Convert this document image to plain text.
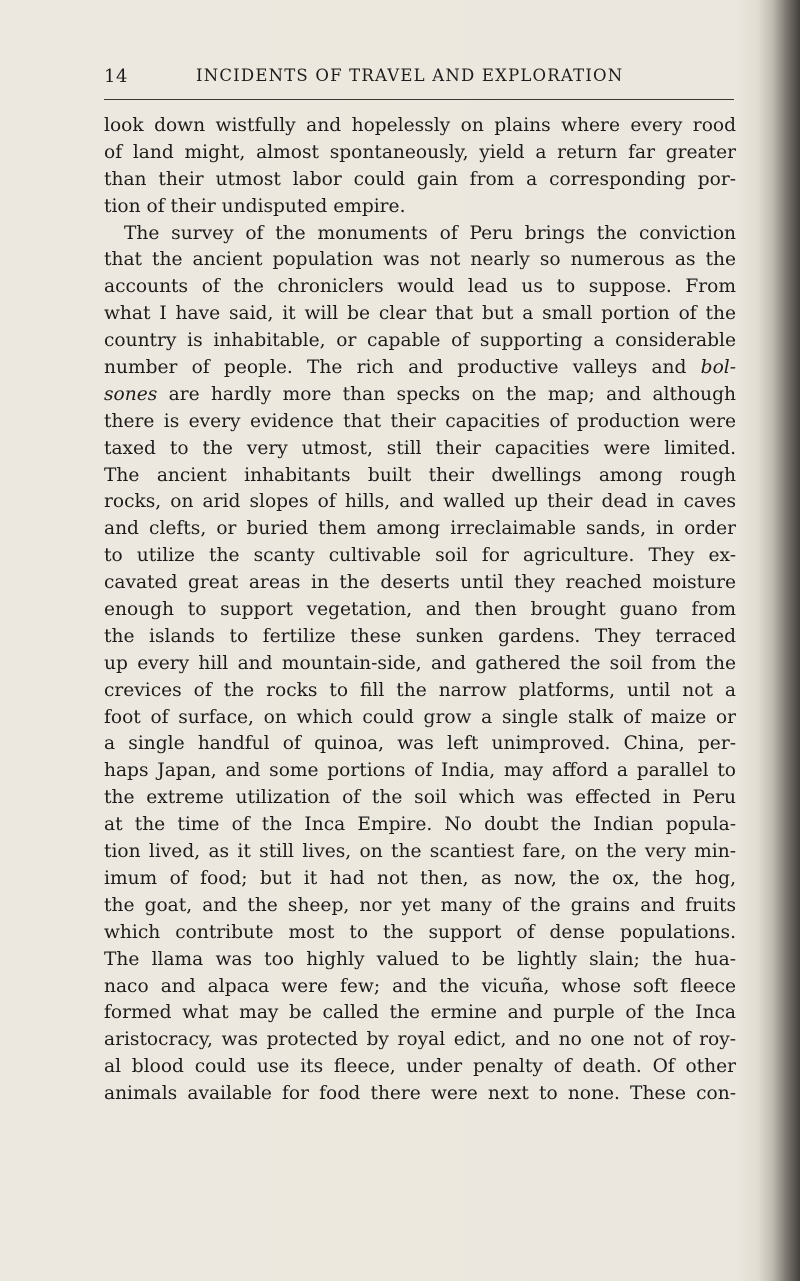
14	INCIDENTS OF TRAVEL AND EXPLORATION
look down wistfully and hopelessly on plains where every rood
of land might, almost spontaneously, yield a return far greater
than their utmost labor could gain from a corresponding por-
tion of their undisputed empire.
The survey of the monuments of Peru brings the conviction
that the ancient population was not nearly so numerous as the
accounts of the chroniclers would lead us to suppose. From
what I have said, it will be clear that but a small portion of the
country is inhabitable, or capable of supporting a considerable
number of people. The rich and productive valleys and bol-
sones are hardly more than specks on the map; and although
there is every evidence that their capacities of production were
taxed to the very utmost, still their capacities were limited.
The ancient inhabitants built their dwellings among rough
rocks, on arid slopes of hills, and walled up their dead in caves
and clefts, or buried them among irreclaimable sands, in order
to utilize the scanty cultivable soil for agriculture. They ex-
cavated great areas in the deserts until they reached moisture
enough to support vegetation, and then brought guano from
the islands to fertilize these sunken gardens. They terraced
up every hill and mountain-side, and gathered the soil from the
crevices of the rocks to fill the narrow platforms, until not a
foot of surface, on which could grow a single stalk of maize or
a single handful of quinoa, was left unimproved. China, per-
haps Japan, and some portions of India, may afford a parallel to
the extreme utilization of the soil which was effected in Peru
at the time of the Inca Empire. No doubt the Indian popula-
tion lived, as it still lives, on the scantiest fare, on the very min-
imum of food; but it had not then, as now, the ox, the hog,
the goat, and the sheep, nor yet many of the grains and fruits
which contribute most to the support of dense populations.
The llama was too highly valued to be lightly slain; the hua-
naco and alpaca were few; and the vicuña, whose soft fleece
formed what may be called the ermine and purple of the Inca
aristocracy, was protected by royal edict, and no one not of roy-
al blood could use its fleece, under penalty of death. Of other
animals available for food there were next to none. These con-
